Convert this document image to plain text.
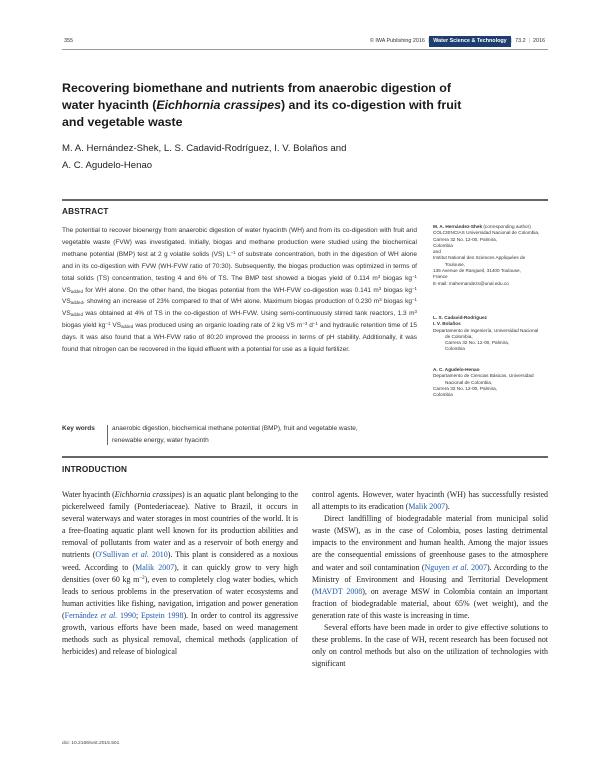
355	© IWA Publishing 2016	Water Science & Technology | 73.2 | 2016
Recovering biomethane and nutrients from anaerobic digestion of water hyacinth (Eichhornia crassipes) and its co-digestion with fruit and vegetable waste
M. A. Hernández-Shek, L. S. Cadavid-Rodríguez, I. V. Bolaños and
A. C. Agudelo-Henao
ABSTRACT
The potential to recover bioenergy from anaerobic digestion of water hyacinth (WH) and from its co-digestion with fruit and vegetable waste (FVW) was investigated. Initially, biogas and methane production were studied using the biochemical methane potential (BMP) test at 2 g volatile solids (VS) $L^{-1}$ of substrate concentration, both in the digestion of WH alone and in its co-digestion with FVW (WH-FVW ratio of 70:30). Subsequently, the biogas production was optimized in terms of total solids (TS) concentration, testing 4 and 6% of TS. The BMP test showed a biogas yield of 0.114 $m^3$ biogas $kg^{-1}$ $VS_{added}$ for WH alone. On the other hand, the biogas potential from the WH-FVW co-digestion was 0.141 $m^3$ biogas $kg^{-1}$ $VS_{added}$, showing an increase of 23% compared to that of WH alone. Maximum biogas production of 0.230 $m^3$ biogas $kg^{-1}$ $VS_{added}$ was obtained at 4% of TS in the co-digestion of WH-FVW. Using semi-continuously stirred tank reactors, 1.3 $m^3$ biogas yield $kg^{-1}$ $VS_{added}$ was produced using an organic loading rate of 2 kg VS $m^{-3}$ $d^{-1}$ and hydraulic retention time of 15 days. It was also found that a WH-FVW ratio of 80:20 improved the process in terms of pH stability. Additionally, it was found that nitrogen can be recovered in the liquid effluent with a potential for use as a liquid fertilizer.
Key words	anaerobic digestion, biochemical methane potential (BMP), fruit and vegetable waste,
renewable energy, water hyacinth
M. A. Hernández-Shek (corresponding author)
COLCIENCIAS Universidad Nacional de Colombia,
Carrera 32 No. 12-00, Palmira,
Colombia
and
Institut National des Sciences Appliquées de
Toulouse,
135 Avenue de Rangueil, 31400 Toulouse,
France
E-mail: mahernandezs@unal.edu.co
L. S. Cadavid-Rodríguez
I. V. Bolaños
Departamento de Ingeniería, Universidad Nacional
de Colombia,
Carrera 32 No. 12-00, Palmira,
Colombia
A. C. Agudelo-Henao
Departamento de Ciencias Básicas, Universidad
Nacional de Colombia,
Carrera 32 No. 12-00, Palmira,
Colombia
INTRODUCTION

Water hyacinth (Eichhornia crassipes) is an aquatic plant belonging to the pickerelweed family (Pontederiaceae). Native to Brazil, it occurs in several waterways and water storages in most countries of the world. It is a free-floating aquatic plant well known for its production abilities and removal of pollutants from water and as a reservoir of both energy and nutrients (O'Sullivan et al. 2010). This plant is considered as a noxious weed. According to (Malik 2007), it can quickly grow to very high densities (over 60 kg $m^{-2}$), even to completely clog water bodies, which leads to serious problems in the preservation of water ecosystems and human activities like fishing, navigation, irrigation and power generation (Fernández et al. 1990; Epstein 1998). In order to control its aggressive growth, various efforts have been made, based on weed management methods such as physical removal, chemical methods (application of herbicides) and release of biological

control agents. However, water hyacinth (WH) has successfully resisted all attempts to its eradication (Malik 2007).

Direct landfilling of biodegradable material from municipal solid waste (MSW), as in the case of Colombia, poses lasting detrimental impacts to the environment and human health. Among the major issues are the consequential emissions of greenhouse gases to the atmosphere and water and soil contamination (Nguyen et al. 2007). According to the Ministry of Environment and Housing and Territorial Development (MAVDT 2008), on average MSW in Colombia contain an important fraction of biodegradable material, about 65% (wet weight), and the generation rate of this waste is increasing in time.

Several efforts have been made in order to give effective solutions to these problems. In the case of WH, recent research has been focused not only on control methods but also on the utilization of technologies with significant

doi: 10.2166/wst.2015.501
